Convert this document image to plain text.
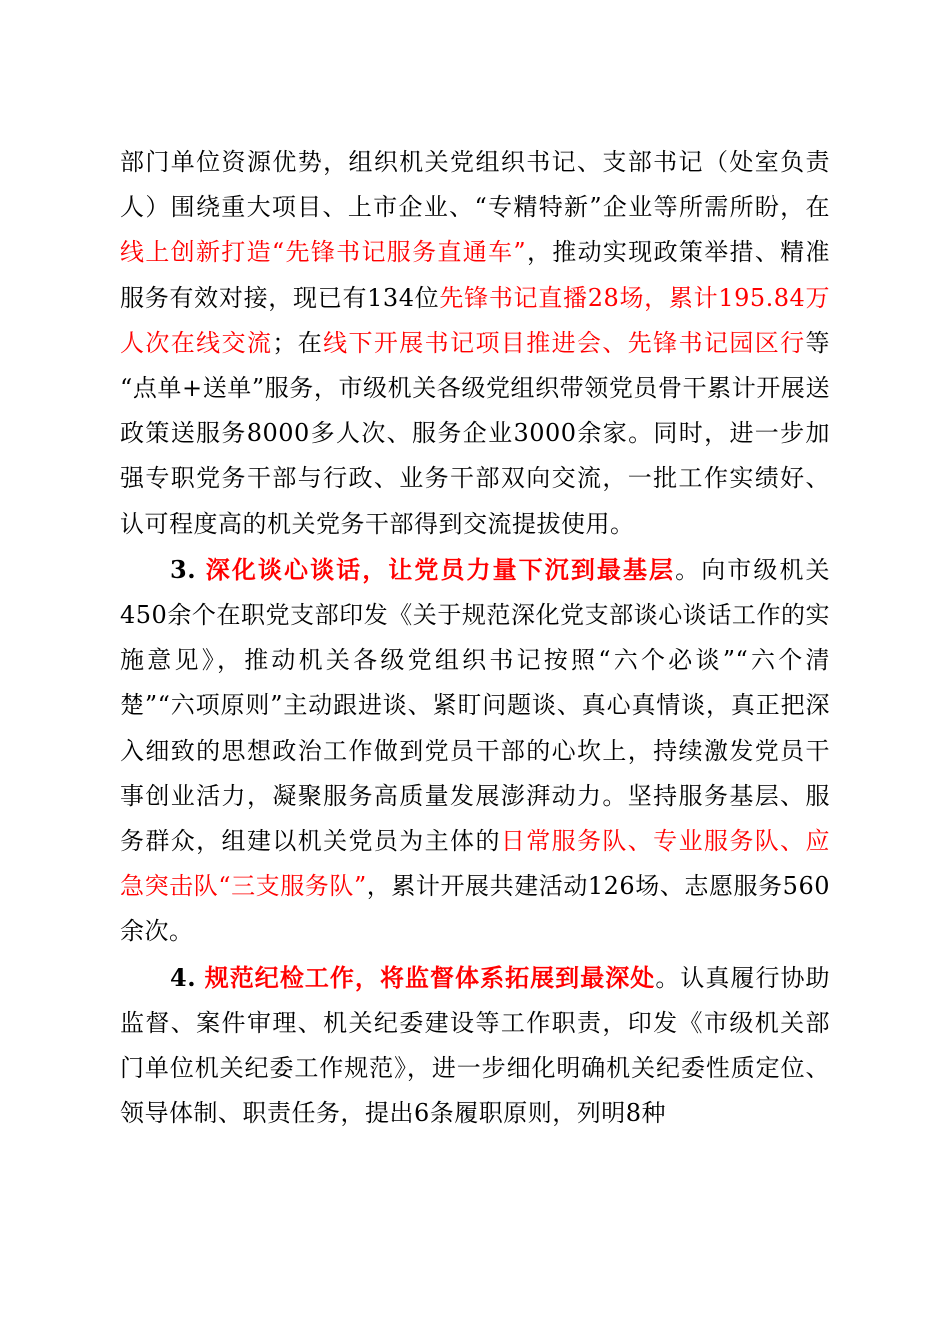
部门单位资源优势，组织机关党组织书记、支部书记（处室负责人）围绕重大项目、上市企业、“专精特新”企业等所需所盼，在线上创新打造“先锋书记服务直通车”，推动实现政策举措、精准服务有效对接，现已有134位先锋书记直播28场，累计195.84万人次在线交流；在线下开展书记项目推进会、先锋书记园区行等 “点单+送单”服务，市级机关各级党组织带领党员骨干累计开展送政策送服务8000多人次、服务企业3000余家。同时，进一步加强专职党务干部与行政、业务干部双向交流，一批工作实绩好、认可程度高的机关党务干部得到交流提拔使用。

3. 深化谈心谈话，让党员力量下沉到最基层。向市级机关450余个在职党支部印发《关于规范深化党支部谈心谈话工作的实施意见》，推动机关各级党组织书记按照“六个必谈”“六个清楚”“六项原则”主动跟进谈、紧盯问题谈、真心真情谈，真正把深入细致的思想政治工作做到党员干部的心坎上，持续激发党员干事创业活力，凝聚服务高质量发展澎湃动力。坚持服务基层、服务群众，组建以机关党员为主体的日常服务队、专业服务队、应急突击队“三支服务队”，累计开展共建活动126场、志愿服务560余次。

4. 规范纪检工作，将监督体系拓展到最深处。认真履行协助监督、案件审理、机关纪委建设等工作职责，印发《市级机关部门单位机关纪委工作规范》，进一步细化明确机关纪委性质定位、领导体制、职责任务，提出6条履职原则，列明8种
